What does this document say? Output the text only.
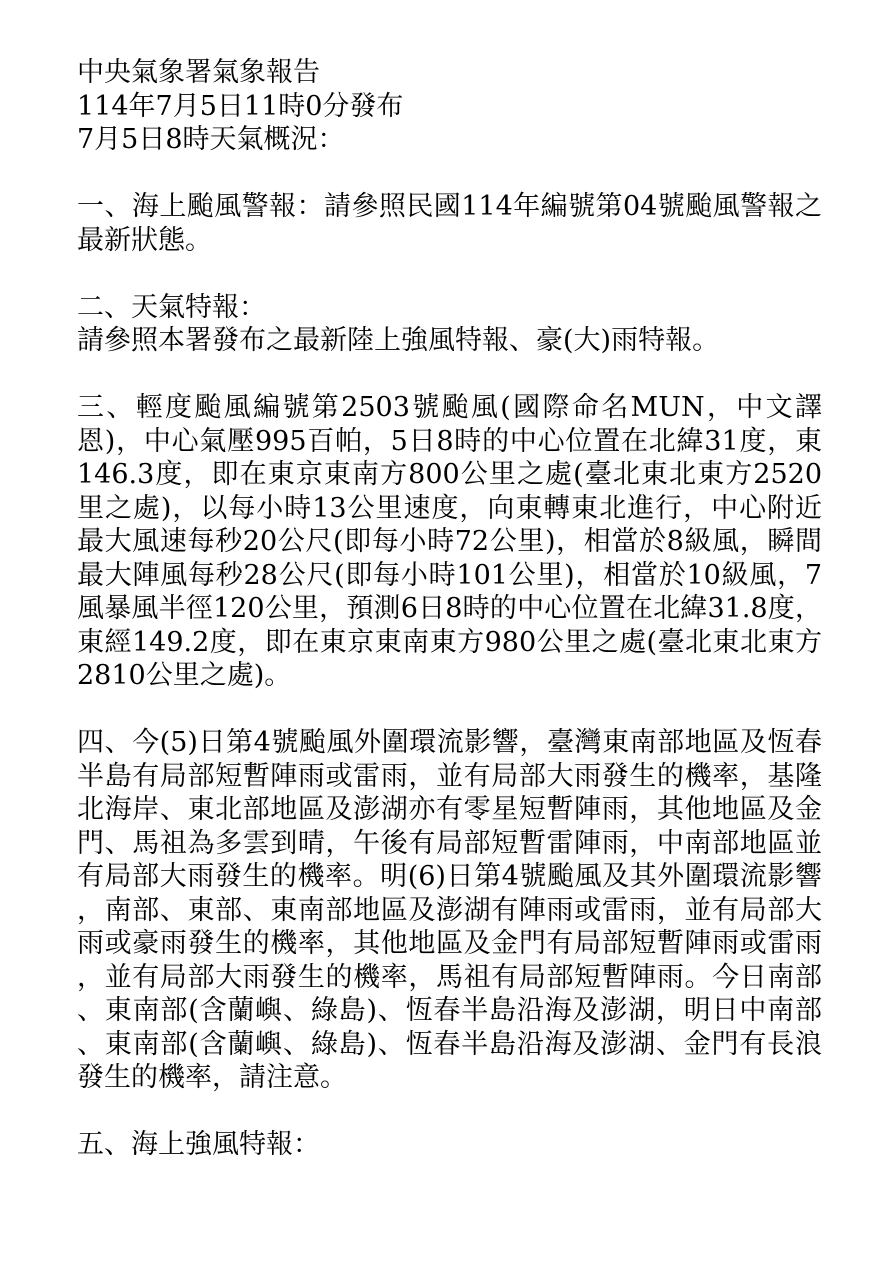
中央氣象署氣象報告
114年7月5日11時0分發布
7月5日8時天氣概況：
一、海上颱風警報：請參照民國114年編號第04號颱風警報之
最新狀態。
二、天氣特報：
請參照本署發布之最新陸上強風特報、豪(大)雨特報。
三、輕度颱風編號第2503號颱風(國際命名MUN，中文譯
恩)，中心氣壓995百帕，5日8時的中心位置在北緯31度，東
146.3度，即在東京東南方800公里之處(臺北東北東方2520
里之處)，以每小時13公里速度，向東轉東北進行，中心附近
最大風速每秒20公尺(即每小時72公里)，相當於8級風，瞬間
最大陣風每秒28公尺(即每小時101公里)，相當於10級風，7
風暴風半徑120公里，預測6日8時的中心位置在北緯31.8度，
東經149.2度，即在東京東南東方980公里之處(臺北東北東方
2810公里之處)。
四、今(5)日第4號颱風外圍環流影響，臺灣東南部地區及恆春
半島有局部短暫陣雨或雷雨，並有局部大雨發生的機率，基隆
北海岸、東北部地區及澎湖亦有零星短暫陣雨，其他地區及金
門、馬祖為多雲到晴，午後有局部短暫雷陣雨，中南部地區並
有局部大雨發生的機率。明(6)日第4號颱風及其外圍環流影響
，南部、東部、東南部地區及澎湖有陣雨或雷雨，並有局部大
雨或豪雨發生的機率，其他地區及金門有局部短暫陣雨或雷雨
，並有局部大雨發生的機率，馬祖有局部短暫陣雨。今日南部
、東南部(含蘭嶼、綠島)、恆春半島沿海及澎湖，明日中南部
、東南部(含蘭嶼、綠島)、恆春半島沿海及澎湖、金門有長浪
發生的機率，請注意。
五、海上強風特報：
